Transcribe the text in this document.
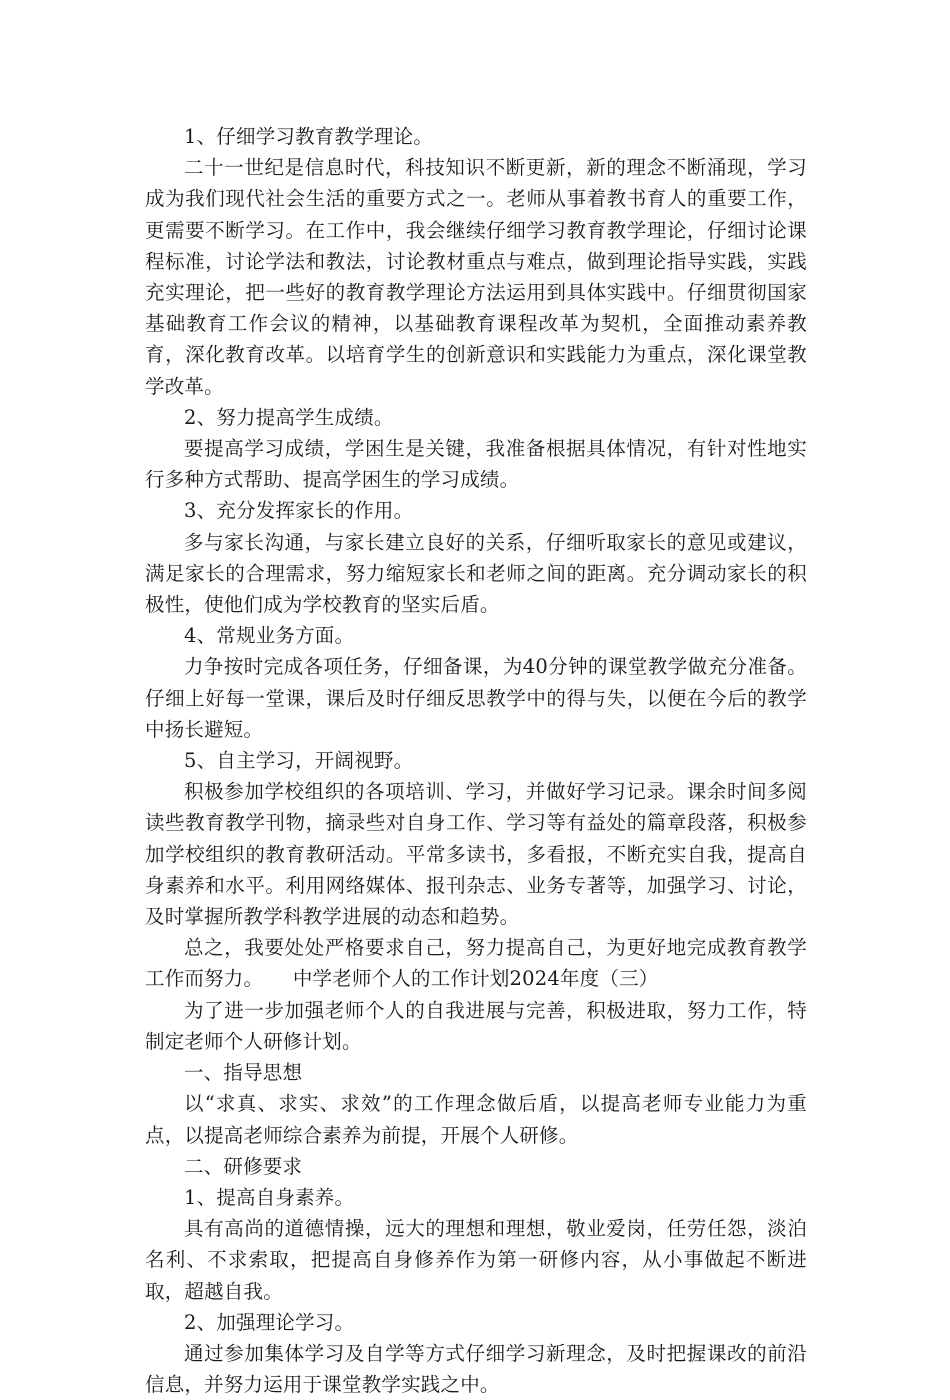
1、仔细学习教育教学理论。

二十一世纪是信息时代，科技知识不断更新，新的理念不断涌现，学习成为我们现代社会生活的重要方式之一。老师从事着教书育人的重要工作，更需要不断学习。在工作中，我会继续仔细学习教育教学理论，仔细讨论课程标准，讨论学法和教法，讨论教材重点与难点，做到理论指导实践，实践充实理论，把一些好的教育教学理论方法运用到具体实践中。仔细贯彻国家基础教育工作会议的精神，以基础教育课程改革为契机，全面推动素养教育，深化教育改革。以培育学生的创新意识和实践能力为重点，深化课堂教学改革。

2、努力提高学生成绩。

要提高学习成绩，学困生是关键，我准备根据具体情况，有针对性地实行多种方式帮助、提高学困生的学习成绩。

3、充分发挥家长的作用。

多与家长沟通，与家长建立良好的关系，仔细听取家长的意见或建议，满足家长的合理需求，努力缩短家长和老师之间的距离。充分调动家长的积极性，使他们成为学校教育的坚实后盾。

4、常规业务方面。

力争按时完成各项任务，仔细备课，为40分钟的课堂教学做充分准备。仔细上好每一堂课，课后及时仔细反思教学中的得与失，以便在今后的教学中扬长避短。

5、自主学习，开阔视野。

积极参加学校组织的各项培训、学习，并做好学习记录。课余时间多阅读些教育教学刊物，摘录些对自身工作、学习等有益处的篇章段落，积极参加学校组织的教育教研活动。平常多读书，多看报，不断充实自我，提高自身素养和水平。利用网络媒体、报刊杂志、业务专著等，加强学习、讨论，及时掌握所教学科教学进展的动态和趋势。

总之，我要处处严格要求自己，努力提高自己，为更好地完成教育教学工作而努力。　　中学老师个人的工作计划2024年度（三）

为了进一步加强老师个人的自我进展与完善，积极进取，努力工作，特制定老师个人研修计划。

一、指导思想

以“求真、求实、求效”的工作理念做后盾，以提高老师专业能力为重点，以提高老师综合素养为前提，开展个人研修。

二、研修要求

1、提高自身素养。

具有高尚的道德情操，远大的理想和理想，敬业爱岗，任劳任怨，淡泊名利、不求索取，把提高自身修养作为第一研修内容，从小事做起不断进取，超越自我。

2、加强理论学习。

通过参加集体学习及自学等方式仔细学习新理念，及时把握课改的前沿信息，并努力运用于课堂教学实践之中。
